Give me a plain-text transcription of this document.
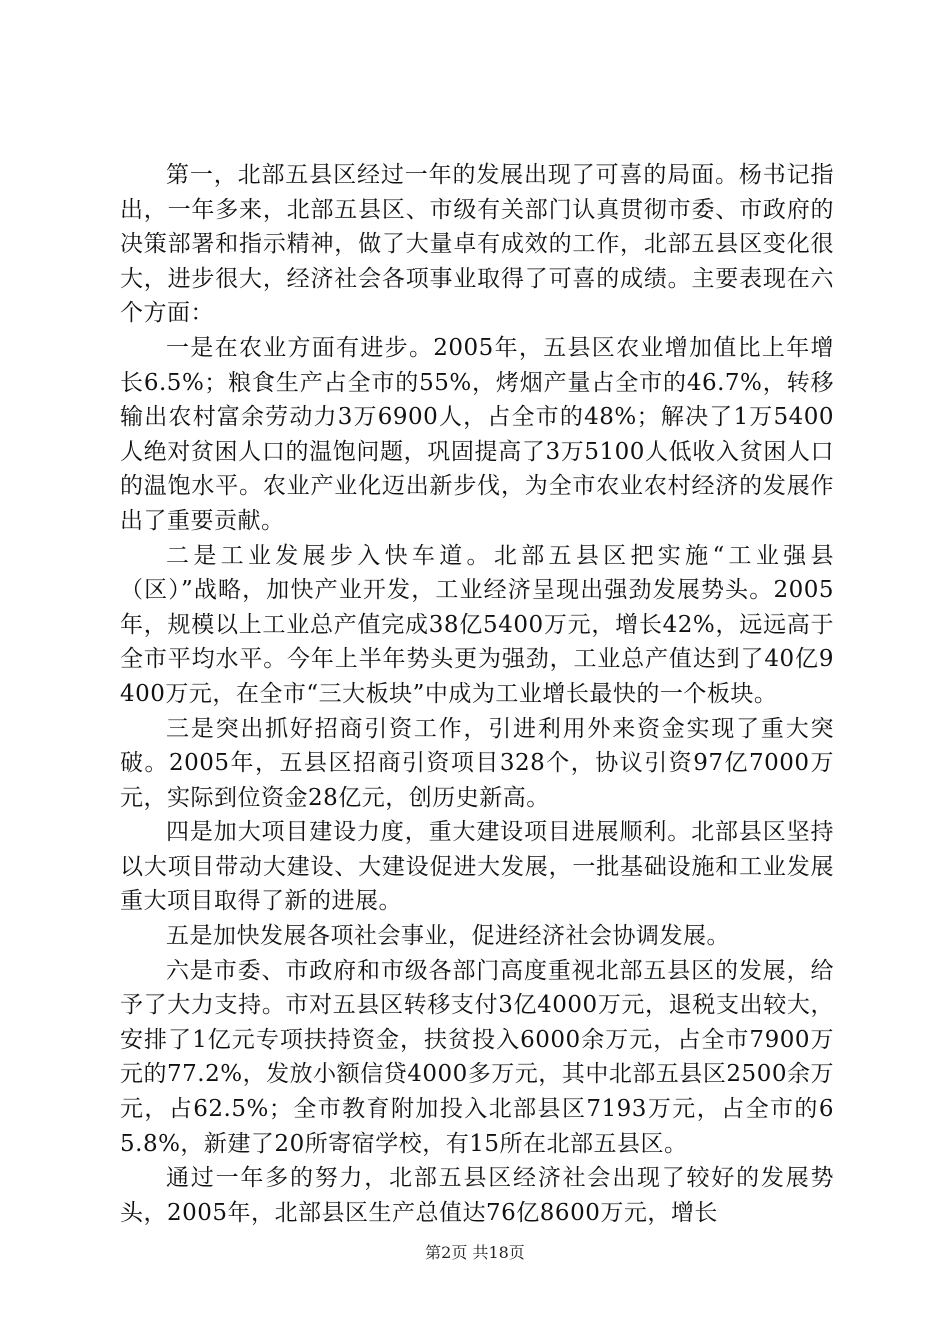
第一，北部五县区经过一年的发展出现了可喜的局面。杨书记指出，一年多来，北部五县区、市级有关部门认真贯彻市委、市政府的决策部署和指示精神，做了大量卓有成效的工作，北部五县区变化很大，进步很大，经济社会各项事业取得了可喜的成绩。主要表现在六个方面：

一是在农业方面有进步。2005年，五县区农业增加值比上年增长6.5%；粮食生产占全市的55%，烤烟产量占全市的46.7%，转移输出农村富余劳动力3万6900人，占全市的48%；解决了1万5400人绝对贫困人口的温饱问题，巩固提高了3万5100人低收入贫困人口的温饱水平。农业产业化迈出新步伐，为全市农业农村经济的发展作出了重要贡献。

二是工业发展步入快车道。北部五县区把实施“工业强县（区）”战略，加快产业开发，工业经济呈现出强劲发展势头。2005年，规模以上工业总产值完成38亿5400万元，增长42%，远远高于全市平均水平。今年上半年势头更为强劲，工业总产值达到了40亿9400万元，在全市“三大板块”中成为工业增长最快的一个板块。

三是突出抓好招商引资工作，引进利用外来资金实现了重大突破。2005年，五县区招商引资项目328个，协议引资97亿7000万元，实际到位资金28亿元，创历史新高。

四是加大项目建设力度，重大建设项目进展顺利。北部县区坚持以大项目带动大建设、大建设促进大发展，一批基础设施和工业发展重大项目取得了新的进展。

五是加快发展各项社会事业，促进经济社会协调发展。

六是市委、市政府和市级各部门高度重视北部五县区的发展，给予了大力支持。市对五县区转移支付3亿4000万元，退税支出较大，安排了1亿元专项扶持资金，扶贫投入6000余万元，占全市7900万元的77.2%，发放小额信贷4000多万元，其中北部五县区2500余万元，占62.5%；全市教育附加投入北部县区7193万元，占全市的65.8%，新建了20所寄宿学校，有15所在北部五县区。

通过一年多的努力，北部五县区经济社会出现了较好的发展势头，2005年，北部县区生产总值达76亿8600万元，增长

第2页 共18页
